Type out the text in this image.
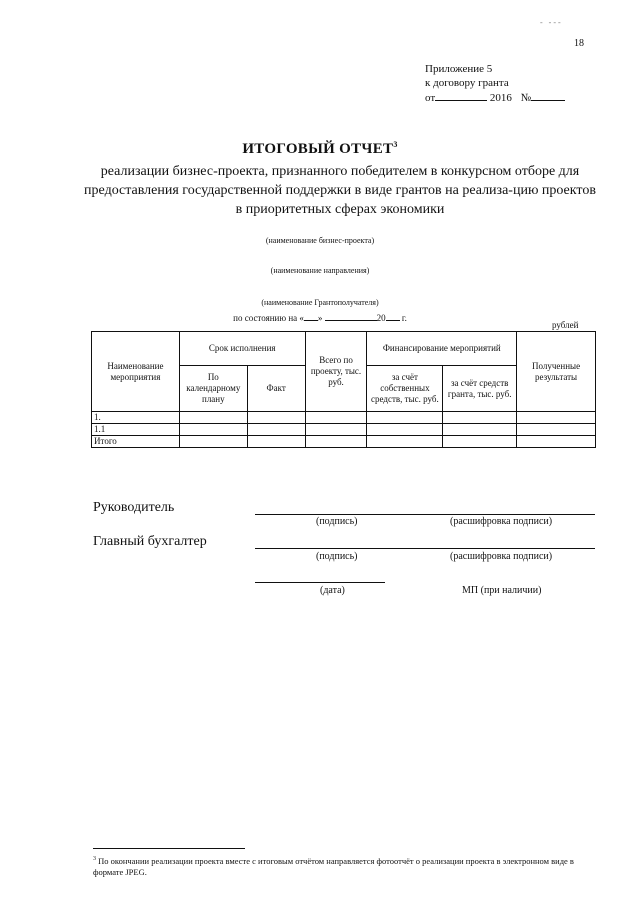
- ---
18
Приложение 5
к договору гранта
от	2016 №
ИТОГОВЫЙ ОТЧЕТ$^3$
реализации бизнес-проекта, признанного победителем в конкурсном отборе для предоставления государственной поддержки в виде грантов на реализа-цию проектов в приоритетных сферах экономики
(наименование бизнес-проекта)
(наименование направления)
(наименование Грантополучателя)
по состоянию на « »	20 г.
рублей
Наименование мероприятия	Срок исполнения		Всего по проекту, тыс. руб.	Финансирование мероприятий		Полученные результаты
	По календарному плану	Факт		за счёт собственных средств, тыс. руб.	за счёт средств гранта, тыс. руб.	
1.						
1.1						
Итого						
Руководитель
(подпись)	(расшифровка подписи)
Главный бухгалтер
(подпись)	(расшифровка подписи)
(дата)	МП (при наличии)
$^3$ По окончании реализации проекта вместе с итоговым отчётом направляется фотоотчёт о реализации проекта в электронном виде в формате JPEG.
